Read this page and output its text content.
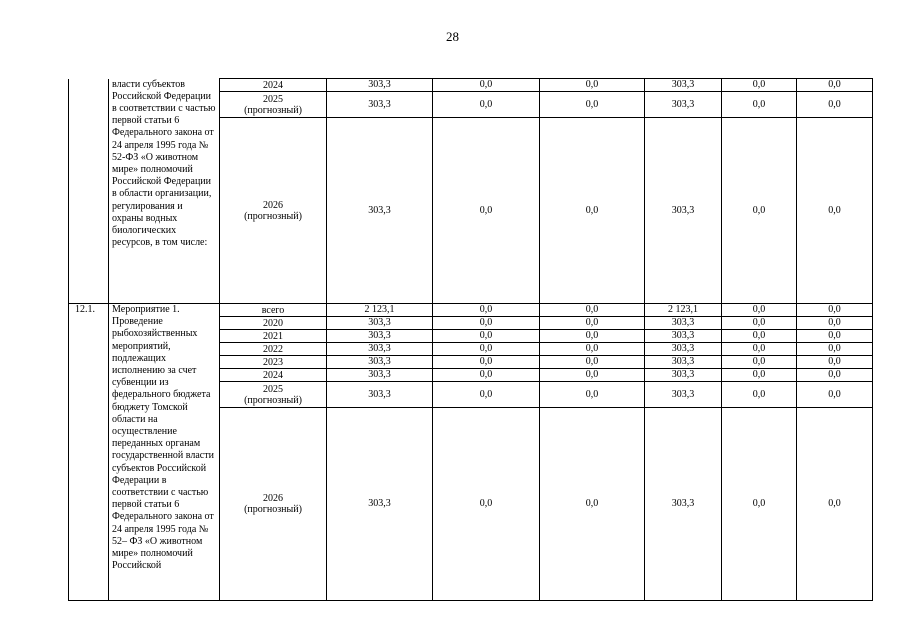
28
	власти субъектов Российской Федерации в соответствии с частью первой статьи 6 Федерального закона от 24 апреля 1995 года № 52-ФЗ «О животном мире» полномочий Российской Федерации в области организации, регулирования и охраны водных биологических ресурсов, в том числе:	2024	303,3	0,0	0,0	303,3	0,0	0,0

		2025
(прогнозный)	303,3	0,0	0,0	303,3	0,0	0,0

		2026
(прогнозный)	303,3	0,0	0,0	303,3	0,0	0,0
12.1.	Мероприятие 1. Проведение рыбохозяйственных мероприятий, подлежащих исполнению за счет субвенции из федерального бюджета бюджету Томской области на осуществление переданных органам государственной власти субъектов Российской Федерации в соответствии с частью первой статьи 6 Федерального закона от 24 апреля 1995 года № 52– ФЗ «О животном мире» полномочий Российской	всего	2 123,1	0,0	0,0	2 123,1	0,0	0,0

		2020	303,3	0,0	0,0	303,3	0,0	0,0

		2021	303,3	0,0	0,0	303,3	0,0	0,0

		2022	303,3	0,0	0,0	303,3	0,0	0,0

		2023	303,3	0,0	0,0	303,3	0,0	0,0

		2024	303,3	0,0	0,0	303,3	0,0	0,0

		2025
(прогнозный)	303,3	0,0	0,0	303,3	0,0	0,0

		2026
(прогнозный)	303,3	0,0	0,0	303,3	0,0	0,0
